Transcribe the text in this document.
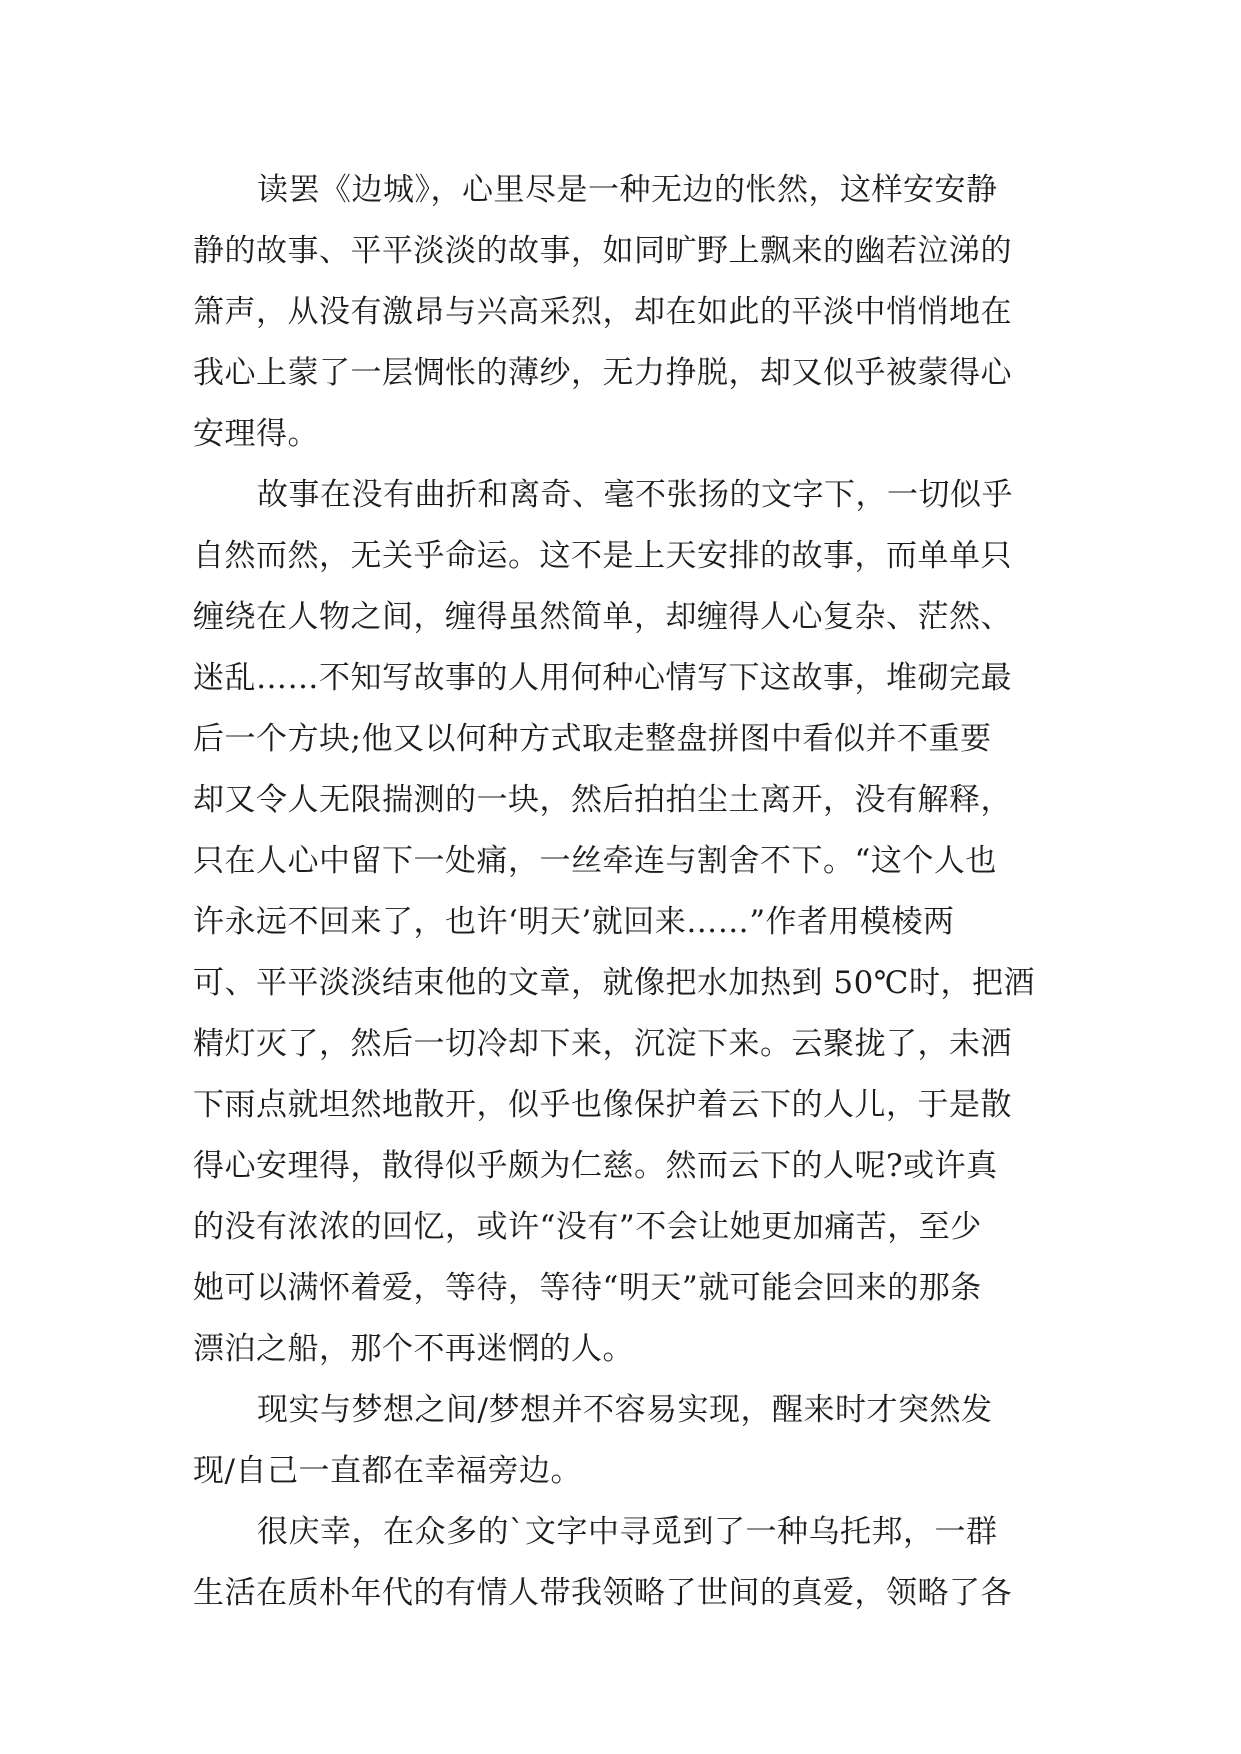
读罢《边城》，心里尽是一种无边的怅然，这样安安静
静的故事、平平淡淡的故事，如同旷野上飘来的幽若泣涕的
箫声，从没有激昂与兴高采烈，却在如此的平淡中悄悄地在
我心上蒙了一层惆怅的薄纱，无力挣脱，却又似乎被蒙得心
安理得。
故事在没有曲折和离奇、毫不张扬的文字下，一切似乎
自然而然，无关乎命运。这不是上天安排的故事，而单单只
缠绕在人物之间，缠得虽然简单，却缠得人心复杂、茫然、
迷乱……不知写故事的人用何种心情写下这故事，堆砌完最
后一个方块;他又以何种方式取走整盘拼图中看似并不重要
却又令人无限揣测的一块，然后拍拍尘土离开，没有解释，
只在人心中留下一处痛，一丝牵连与割舍不下。“这个人也
许永远不回来了，也许‘明天’就回来……”作者用模棱两
可、平平淡淡结束他的文章，就像把水加热到 50℃时，把酒
精灯灭了，然后一切冷却下来，沉淀下来。云聚拢了，未洒
下雨点就坦然地散开，似乎也像保护着云下的人儿，于是散
得心安理得，散得似乎颇为仁慈。然而云下的人呢?或许真
的没有浓浓的回忆，或许“没有”不会让她更加痛苦，至少
她可以满怀着爱，等待，等待“明天”就可能会回来的那条
漂泊之船，那个不再迷惘的人。
现实与梦想之间/梦想并不容易实现，醒来时才突然发
现/自己一直都在幸福旁边。
很庆幸，在众多的`文字中寻觅到了一种乌托邦，一群
生活在质朴年代的有情人带我领略了世间的真爱，领略了各
